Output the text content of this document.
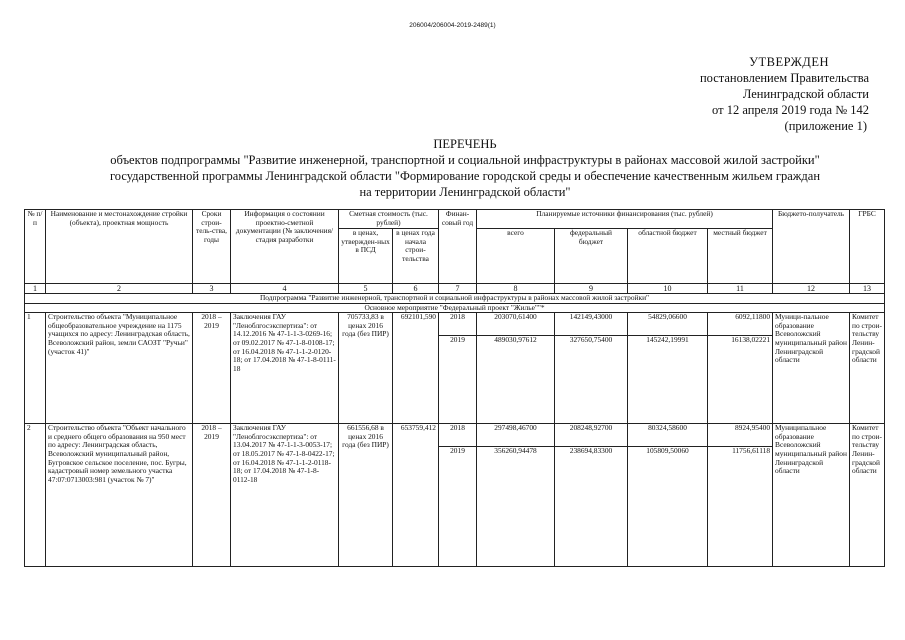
206004/206004-2019-2489(1)
УТВЕРЖДЕН
постановлением Правительства
Ленинградской области
от 12 апреля 2019 года № 142
(приложение 1)
ПЕРЕЧЕНЬ
объектов подпрограммы "Развитие инженерной, транспортной и социальной инфраструктуры в районах массовой жилой застройки"
государственной программы Ленинградской области "Формирование городской среды и обеспечение качественным жильем граждан
на территории Ленинградской области"
№ п/п	Наименование и местонахождение стройки (объекта), проектная мощность	Сроки строи-тель-ства, годы	Информация о состоянии проектно-сметной документации (№ заключения/стадия разработки	Сметная стоимость (тыс. рублей)		Финан-совый год	Планируемые источники финансирования (тыс. рублей)				Бюджето-получатель	ГРБС
				в ценах, утвержден-ных в ПСД	в ценах года начала строи-тельства		всего	федеральный бюджет	областной бюджет	местный бюджет		
1	2	3	4	5	6	7	8	9	10	11	12	13
Подпрограмма "Развитие инженерной, транспортной и социальной инфраструктуры в районах массовой жилой застройки"												
Основное мероприятие "Федеральный проект "Жилье""*												
1	Строительство объекта "Муниципальное общеобразовательное учреждение на 1175 учащихся по адресу: Ленинградская область, Всеволожский район, земли САОЗТ "Ручьи" (участок 41)"	2018 – 2019	Заключения ГАУ "Леноблгосэкспертиза": от 14.12.2016 № 47-1-1-3-0269-16; от 09.02.2017 № 47-1-8-0108-17; от 16.04.2018 № 47-1-1-2-0120-18; от 17.04.2018 № 47-1-8-0111-18	705733,83 в ценах 2016 года (без ПИР)	692101,590	2018	203070,61400	142149,43000	54829,06600	6092,11800	Муници-пальное образование Всеволожский муниципальный район Ленинградской области	Комитет по строи-тельству Ленин-градской области
						2019	489030,97612	327650,75400	145242,19991	16138,02221		
2	Строительство объекта "Объект начального и среднего общего образования на 950 мест по адресу: Ленинградская область, Всеволожский муниципальный район, Бугровское сельское поселение, пос. Бугры, кадастровый номер земельного участка 47:07:0713003:981 (участок № 7)"	2018 – 2019	Заключения ГАУ "Леноблгосэкспертиза": от 13.04.2017 № 47-1-1-3-0053-17; от 18.05.2017 № 47-1-8-0422-17; от 16.04.2018 № 47-1-1-2-0118-18; от 17.04.2018 № 47-1-8-0112-18	661556,68 в ценах 2016 года (без ПИР)	653759,412	2018	297498,46700	208248,92700	80324,58600	8924,95400	Муниципальное образование Всеволожский муниципальный район Ленинградской области	Комитет по строи-тельству Ленин-градской области
						2019	356260,94478	238694,83300	105809,50060	11756,61118		
